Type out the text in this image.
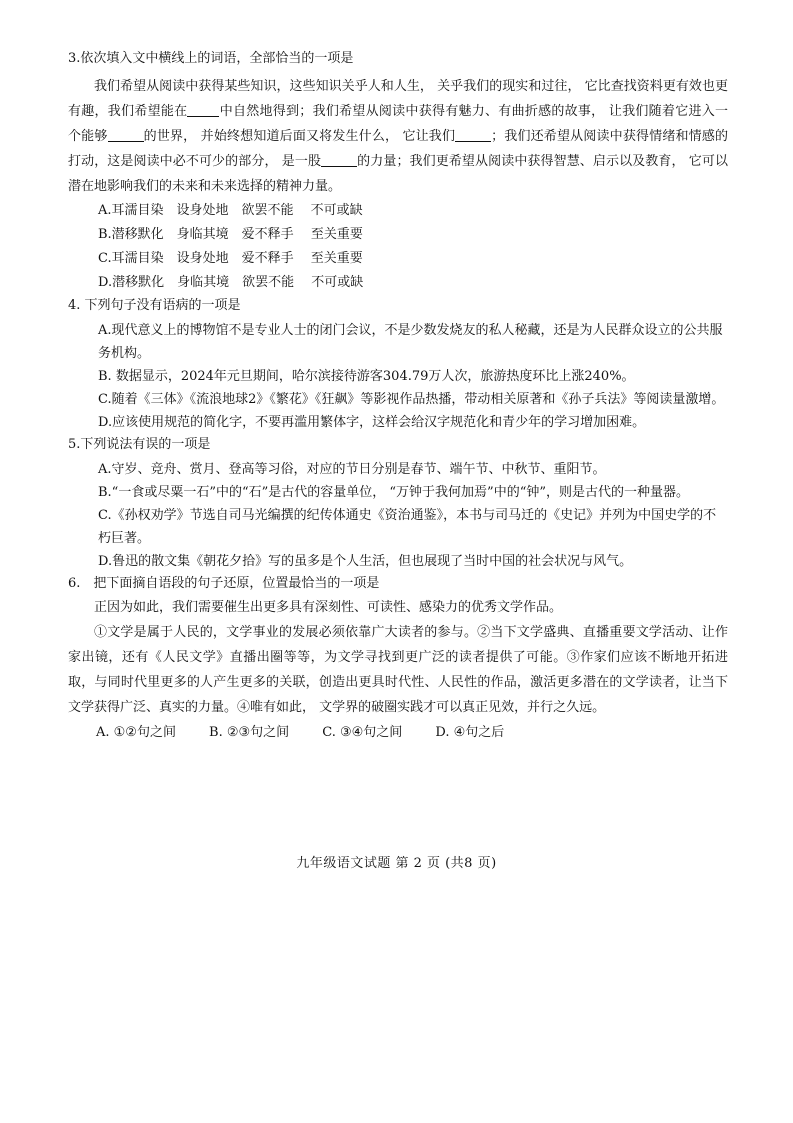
3.依次填入文中横线上的词语，全部恰当的一项是

我们希望从阅读中获得某些知识，这些知识关乎人和人生， 关乎我们的现实和过往， 它比查找资料更有效也更有趣，我们希望能在 中自然地得到；我们希望从阅读中获得有魅力、有曲折感的故事， 让我们随着它进入一个能够	的世界， 并始终想知道后面又将发生什么， 它让我们	；我们还希望从阅读中获得情绪和情感的打动，这是阅读中必不可少的部分， 是一股	的力量；我们更希望从阅读中获得智慧、启示以及教育， 它可以潜在地影响我们的未来和未来选择的精神力量。

A.耳濡目染　设身处地　欲罢不能　 不可或缺

B.潜移默化　身临其境　爱不释手　 至关重要

C.耳濡目染　设身处地　爱不释手　 至关重要

D.潜移默化　身临其境　欲罢不能　 不可或缺

4. 下列句子没有语病的一项是

A.现代意义上的博物馆不是专业人士的闭门会议，不是少数发烧友的私人秘藏，还是为人民群众设立的公共服务机构。

B. 数据显示，2024年元旦期间，哈尔滨接待游客304.79万人次，旅游热度环比上涨240%。

C.随着《三体》《流浪地球2》《繁花》《狂飙》等影视作品热播，带动相关原著和《孙子兵法》等阅读量激增。

D.应该使用规范的简化字，不要再滥用繁体字，这样会给汉字规范化和青少年的学习增加困难。

5.下列说法有误的一项是

A.守岁、竞舟、赏月、登高等习俗，对应的节日分别是春节、端午节、中秋节、重阳节。

B.“一食或尽粟一石”中的“石”是古代的容量单位， “万钟于我何加焉”中的“钟”，则是古代的一种量器。

C.《孙权劝学》节选自司马光编撰的纪传体通史《资治通鉴》，本书与司马迁的《史记》并列为中国史学的不朽巨著。

D.鲁迅的散文集《朝花夕拾》写的虽多是个人生活，但也展现了当时中国的社会状况与风气。

6.　把下面摘自语段的句子还原，位置最恰当的一项是

正因为如此，我们需要催生出更多具有深刻性、可读性、感染力的优秀文学作品。

①文学是属于人民的，文学事业的发展必须依靠广大读者的参与。②当下文学盛典、直播重要文学活动、让作家出镜，还有《人民文学》直播出圈等等，为文学寻找到更广泛的读者提供了可能。③作家们应该不断地开拓进取，与同时代里更多的人产生更多的关联，创造出更具时代性、人民性的作品，激活更多潜在的文学读者，让当下文学获得广泛、真实的力量。④唯有如此， 文学界的破圈实践才可以真正见效，并行之久远。

A. ①②句之间	B. ②③句之间	C. ③④句之间	D. ④句之后
九年级语文试题 第 2 页 (共8 页)
